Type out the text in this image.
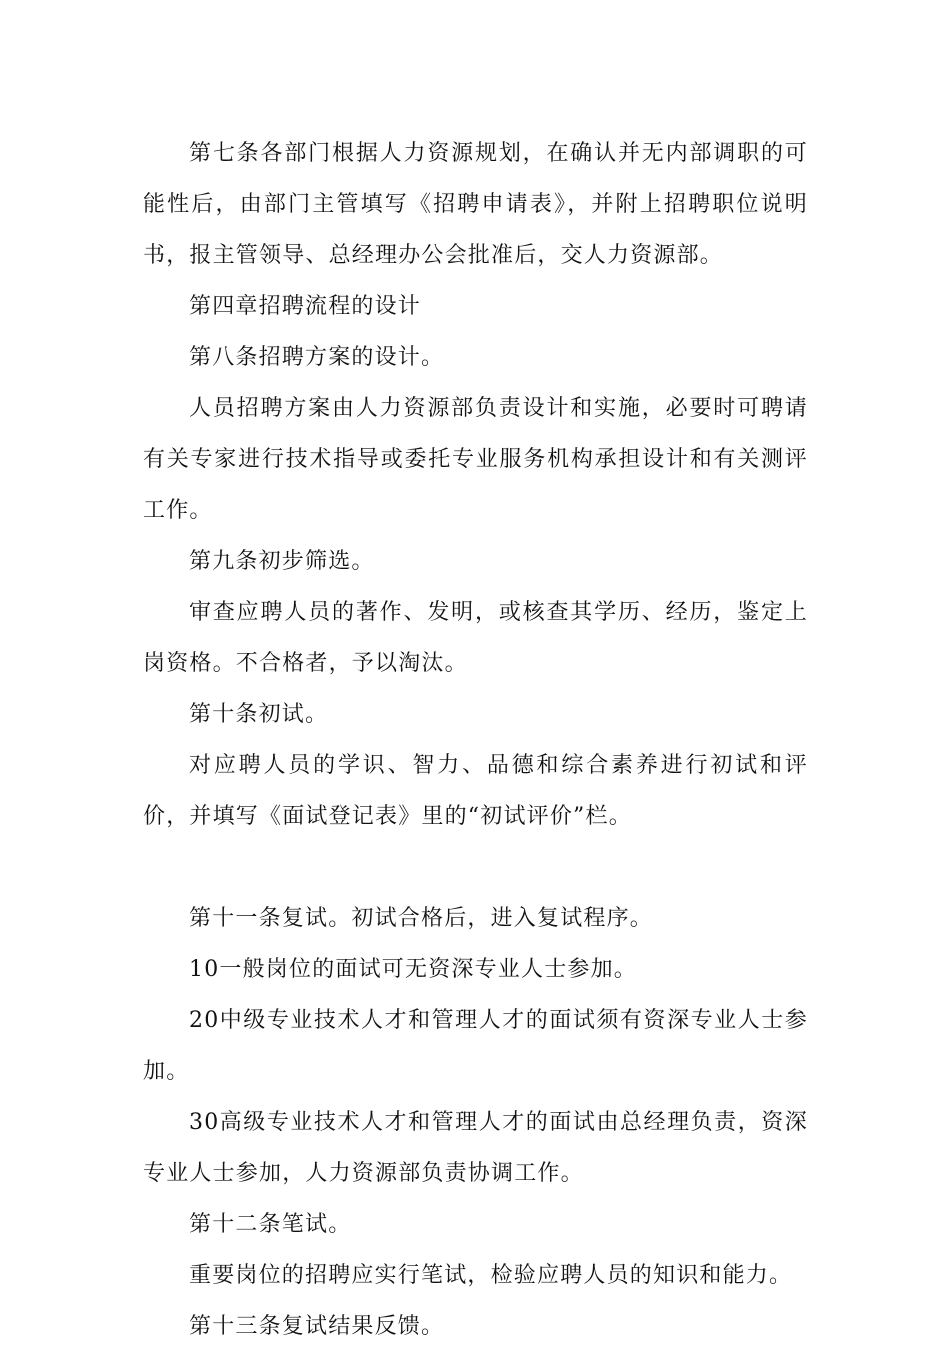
第七条各部门根据人力资源规划，在确认并无内部调职的可能性后，由部门主管填写《招聘申请表》，并附上招聘职位说明书，报主管领导、总经理办公会批准后，交人力资源部。

第四章招聘流程的设计

第八条招聘方案的设计。

人员招聘方案由人力资源部负责设计和实施，必要时可聘请有关专家进行技术指导或委托专业服务机构承担设计和有关测评工作。

第九条初步筛选。

审查应聘人员的著作、发明，或核查其学历、经历，鉴定上岗资格。不合格者，予以淘汰。

第十条初试。

对应聘人员的学识、智力、品德和综合素养进行初试和评价，并填写《面试登记表》里的“初试评价”栏。

第十一条复试。初试合格后，进入复试程序。

10一般岗位的面试可无资深专业人士参加。

20中级专业技术人才和管理人才的面试须有资深专业人士参加。

30高级专业技术人才和管理人才的面试由总经理负责，资深专业人士参加，人力资源部负责协调工作。

第十二条笔试。

重要岗位的招聘应实行笔试，检验应聘人员的知识和能力。

第十三条复试结果反馈。
